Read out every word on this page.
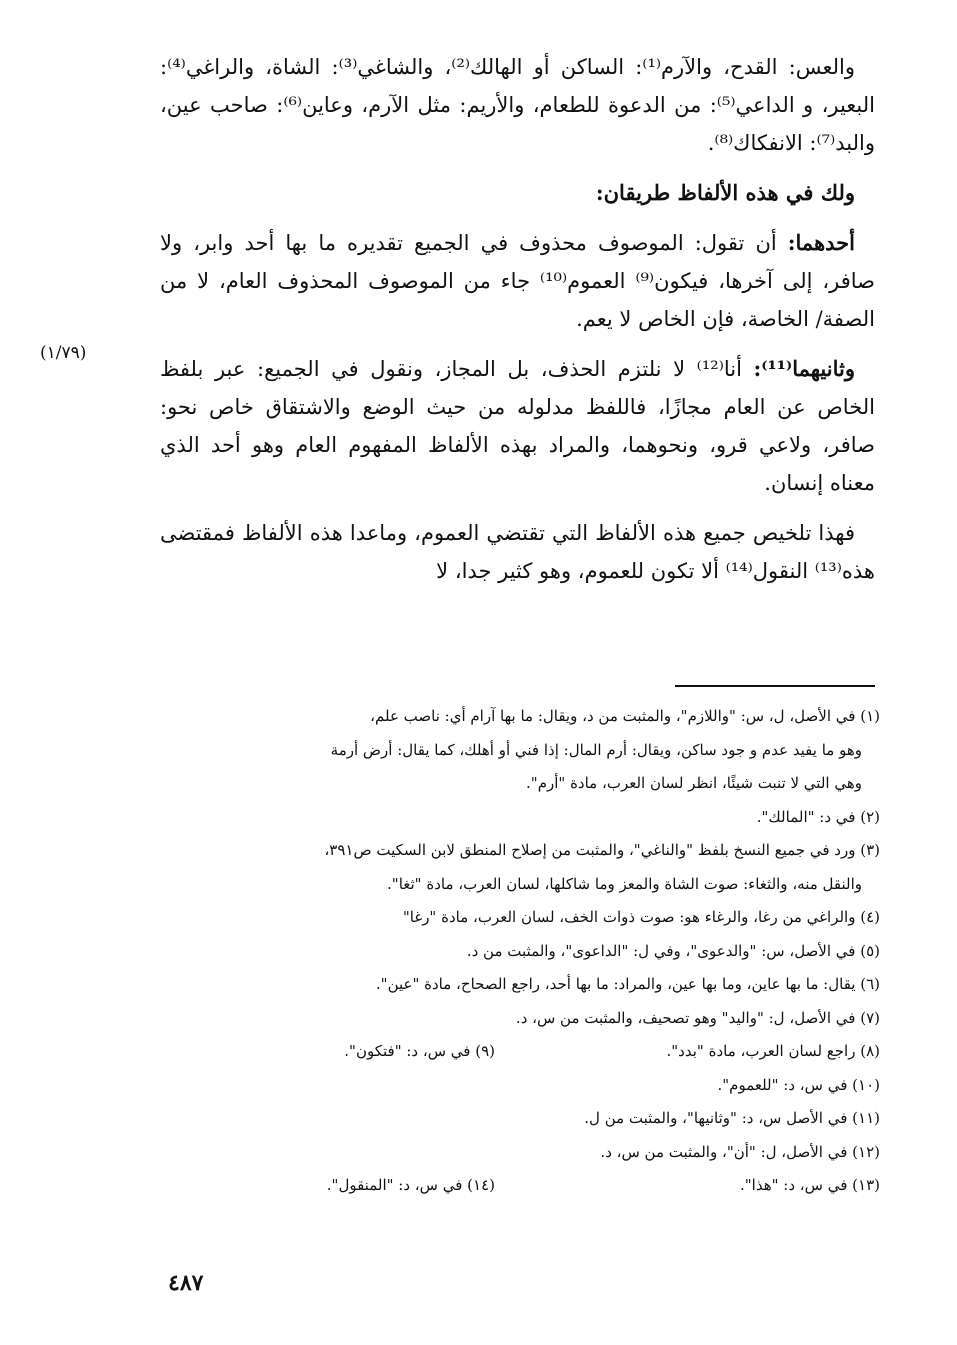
والعس: القدح، والآرم⁽¹⁾: الساكن أو الهالك⁽²⁾، والشاغي⁽³⁾: الشاة، والراغي⁽⁴⁾: البعير، و الداعي⁽⁵⁾: من الدعوة للطعام، والأريم: مثل الآرم، وعاين⁽⁶⁾: صاحب عين، والبد⁽⁷⁾: الانفكاك⁽⁸⁾.

ولك في هذه الألفاظ طريقان:

أحدهما: أن تقول: الموصوف محذوف في الجميع تقديره ما بها أحد وابر، ولا صافر، إلى آخرها، فيكون⁽⁹⁾ العموم⁽¹⁰⁾ جاء من الموصوف المحذوف العام، لا من الصفة/ الخاصة، فإن الخاص لا يعم.

وثانيهما⁽¹¹⁾: أنا⁽¹²⁾ لا نلتزم الحذف، بل المجاز، ونقول في الجميع: عبر بلفظ الخاص عن العام مجازًا، فاللفظ مدلوله من حيث الوضع والاشتقاق خاص نحو: صافر، ولاعي قرو، ونحوهما، والمراد بهذه الألفاظ المفهوم العام وهو أحد الذي معناه إنسان.

فهذا تلخيص جميع هذه الألفاظ التي تقتضي العموم، وماعدا هذه الألفاظ فمقتضى هذه⁽¹³⁾ النقول⁽¹⁴⁾ ألا تكون للعموم، وهو كثير جدا، لا

(١/٧٩)

(١) في الأصل، ل، س: "واللازم"، والمثبت من د، ويقال: ما بها آرام أي: ناصب علم،

وهو ما يفيد عدم و جود ساكن، ويقال: أرم المال: إذا فني أو أهلك، كما يقال: أرض أرمة

وهي التي لا تنبت شيئًا، انظر لسان العرب، مادة "أرم".

(٢) في د: "المالك".

(٣) ورد في جميع النسخ بلفظ "والناغي"، والمثبت من إصلاح المنطق لابن السكيت ص٣٩١،

والنقل منه، والثغاء: صوت الشاة والمعز وما شاكلها، لسان العرب، مادة "ثغا".

(٤) والراغي من رغا، والرغاء هو: صوت ذوات الخف، لسان العرب، مادة "رغا"

(٥) في الأصل، س: "والدعوى"، وفي ل: "الداعوى"، والمثبت من د.

(٦) يقال: ما بها عاين، وما بها عين، والمراد: ما بها أحد، راجع الصحاح، مادة "عين".

(٧) في الأصل، ل: "واليد" وهو تصحيف، والمثبت من س، د.

(٨) راجع لسان العرب، مادة "بدد".
(٩) في س، د: "فتكون".

(١٠) في س، د: "للعموم".

(١١) في الأصل س، د: "وثانيها"، والمثبت من ل.

(١٢) في الأصل، ل: "أن"، والمثبت من س، د.

(١٣) في س، د: "هذا".
(١٤) في س، د: "المنقول".

٤٨٧
